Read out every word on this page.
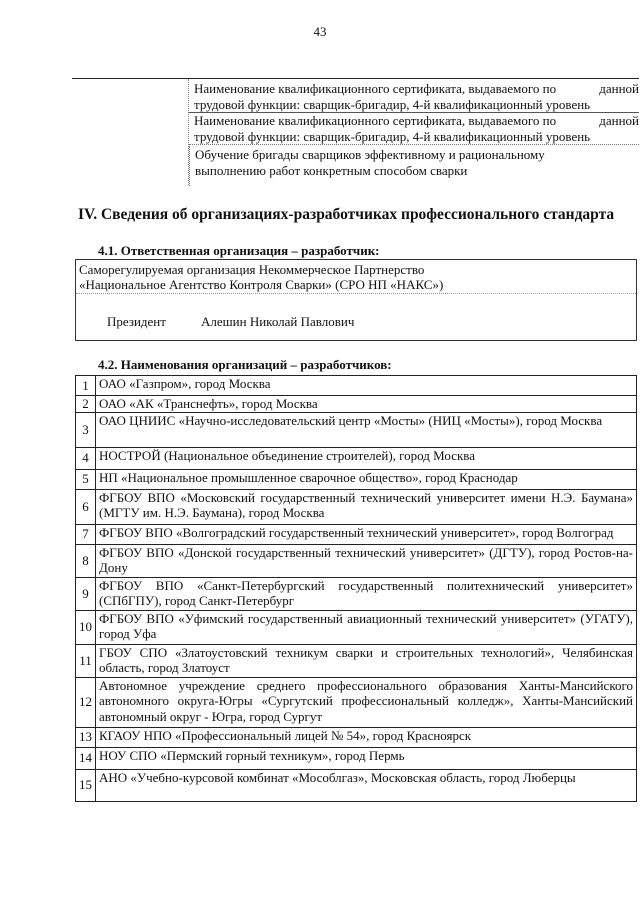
43
Наименование квалификационного сертификата, выдаваемого по	данной
трудовой функции: сварщик-бригадир, 4-й квалификационный уровень
Наименование квалификационного сертификата, выдаваемого по	данной
трудовой функции: сварщик-бригадир, 4-й квалификационный уровень
Обучение бригады сварщиков эффективному и рациональному
выполнению работ конкретным способом сварки
IV. Сведения об организациях-разработчиках профессионального стандарта

4.1. Ответственная организация – разработчик:

Саморегулируемая организация Некоммерческое Партнерство
«Национальное Агентство Контроля Сварки» (СРО НП «НАКС»)
Президент	Алешин Николай Павлович

4.2. Наименования организаций – разработчиков:

1	ОАО «Газпром», город Москва
2	ОАО «АК «Транснефть», город Москва
3	ОАО ЦНИИС «Научно-исследовательский центр «Мосты» (НИЦ «Мосты»), город Москва
4	НОСТРОЙ (Национальное объединение строителей), город Москва
5	НП «Национальное промышленное сварочное общество», город Краснодар
6	ФГБОУ ВПО «Московский государственный технический университет имени Н.Э. Баумана» (МГТУ им. Н.Э. Баумана), город Москва
7	ФГБОУ ВПО «Волгоградский государственный технический университет», город Волгоград
8	ФГБОУ ВПО «Донской государственный технический университет» (ДГТУ), город Ростов-на-Дону
9	ФГБОУ ВПО «Санкт-Петербургский государственный политехнический университет» (СПбГПУ), город Санкт-Петербург
10	ФГБОУ ВПО «Уфимский государственный авиационный технический университет» (УГАТУ), город Уфа
11	ГБОУ СПО «Златоустовский техникум сварки и строительных технологий», Челябинская область, город Златоуст
12	Автономное учреждение среднего профессионального образования Ханты-Мансийского автономного округа-Югры «Сургутский профессиональный колледж», Ханты-Мансийский автономный округ - Югра, город Сургут
13	КГАОУ НПО «Профессиональный лицей № 54», город Красноярск
14	НОУ СПО «Пермский горный техникум», город Пермь
15	АНО «Учебно-курсовой комбинат «Мособлгаз», Московская область, город Люберцы
